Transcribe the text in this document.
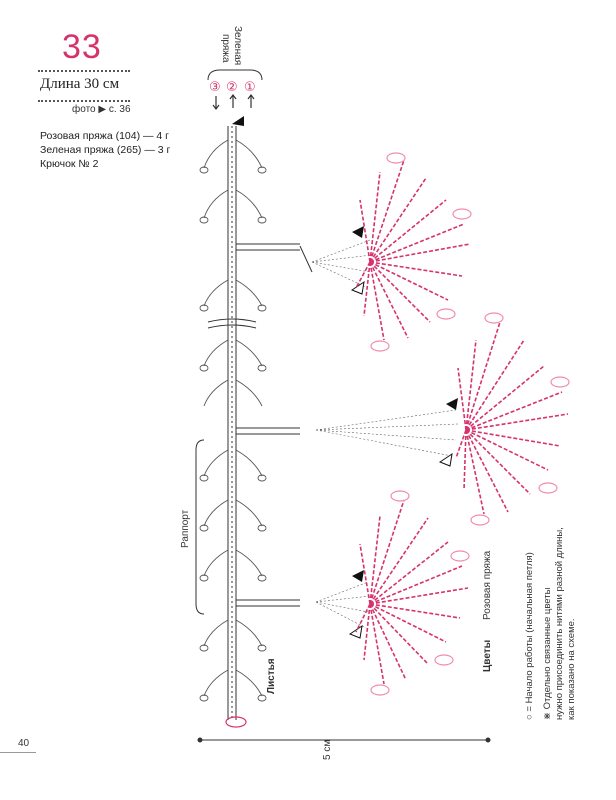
33
Длина 30 см
фото ▶ с. 36
Розовая пряжа (104) — 4 г
Зеленая пряжа (265) — 3 г
Крючок № 2
③ ② ①
Зеленая
пряжа
Раппорт
Листья
Цветы
Розовая пряжа
5 см
○ = Начало работы (начальная петля) ⋇ Отдельно связанные цветы нужно присоединить нитями разной длины, как показано на схеме.
40
